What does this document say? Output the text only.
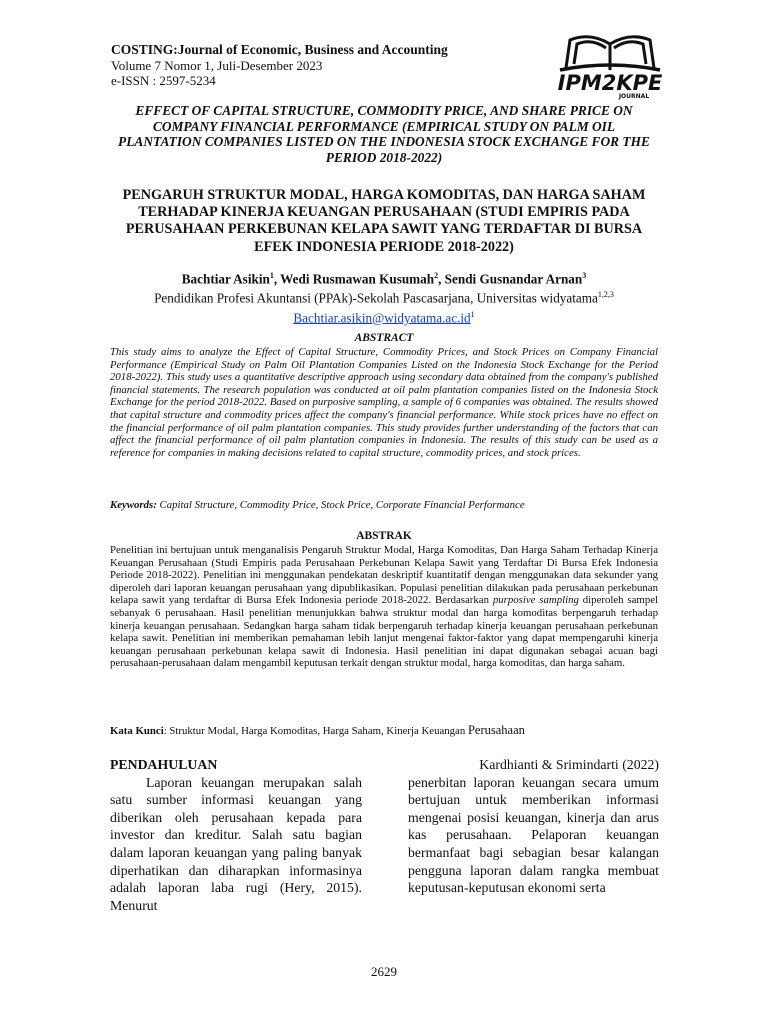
COSTING:Journal of Economic, Business and Accounting
Volume 7 Nomor 1, Juli-Desember 2023
e-ISSN : 2597-5234	IPM2KPE
JOURNAL
EFFECT OF CAPITAL STRUCTURE, COMMODITY PRICE, AND SHARE PRICE ON COMPANY FINANCIAL PERFORMANCE (EMPIRICAL STUDY ON PALM OIL PLANTATION COMPANIES LISTED ON THE INDONESIA STOCK EXCHANGE FOR THE PERIOD 2018-2022)
PENGARUH STRUKTUR MODAL, HARGA KOMODITAS, DAN HARGA SAHAM TERHADAP KINERJA KEUANGAN PERUSAHAAN (STUDI EMPIRIS PADA PERUSAHAAN PERKEBUNAN KELAPA SAWIT YANG TERDAFTAR DI BURSA EFEK INDONESIA PERIODE 2018-2022)
Bachtiar Asikin$^1$, Wedi Rusmawan Kusumah$^2$, Sendi Gusnandar Arnan$^3$
Pendidikan Profesi Akuntansi (PPAk)-Sekolah Pascasarjana, Universitas widyatama$^{1,2,3}$
$Bachtiar.asikin@widyatama.ac.id^1$
ABSTRACT
This study aims to analyze the Effect of Capital Structure, Commodity Prices, and Stock Prices on Company Financial Performance (Empirical Study on Palm Oil Plantation Companies Listed on the Indonesia Stock Exchange for the Period 2018-2022). This study uses a quantitative descriptive approach using secondary data obtained from the company's published financial statements. The research population was conducted at oil palm plantation companies listed on the Indonesia Stock Exchange for the period 2018-2022. Based on purposive sampling, a sample of 6 companies was obtained. The results showed that capital structure and commodity prices affect the company's financial performance. While stock prices have no effect on the financial performance of oil palm plantation companies. This study provides further understanding of the factors that can affect the financial performance of oil palm plantation companies in Indonesia. The results of this study can be used as a reference for companies in making decisions related to capital structure, commodity prices, and stock prices.
Keywords: Capital Structure, Commodity Price, Stock Price, Corporate Financial Performance
ABSTRAK
Penelitian ini bertujuan untuk menganalisis Pengaruh Struktur Modal, Harga Komoditas, Dan Harga Saham Terhadap Kinerja Keuangan Perusahaan (Studi Empiris pada Perusahaan Perkebunan Kelapa Sawit yang Terdaftar Di Bursa Efek Indonesia Periode 2018-2022). Penelitian ini menggunakan pendekatan deskriptif kuantitatif dengan menggunakan data sekunder yang diperoleh dari laporan keuangan perusahaan yang dipublikasikan. Populasi penelitian dilakukan pada perusahaan perkebunan kelapa sawit yang terdaftar di Bursa Efek Indonesia periode 2018-2022. Berdasarkan purposive sampling diperoleh sampel sebanyak 6 perusahaan. Hasil penelitian menunjukkan bahwa struktur modal dan harga komoditas berpengaruh terhadap kinerja keuangan perusahaan. Sedangkan harga saham tidak berpengaruh terhadap kinerja keuangan perusahaan perkebunan kelapa sawit. Penelitian ini memberikan pemahaman lebih lanjut mengenai faktor-faktor yang dapat mempengaruhi kinerja keuangan perusahaan perkebunan kelapa sawit di Indonesia. Hasil penelitian ini dapat digunakan sebagai acuan bagi perusahaan-perusahaan dalam mengambil keputusan terkait dengan struktur modal, harga komoditas, dan harga saham.
Kata Kunci: Struktur Modal, Harga Komoditas, Harga Saham, Kinerja Keuangan Perusahaan
PENDAHULUAN

Laporan keuangan merupakan salah satu sumber informasi keuangan yang diberikan oleh perusahaan kepada para investor dan kreditur. Salah satu bagian dalam laporan keuangan yang paling banyak diperhatikan dan diharapkan informasinya adalah laporan laba rugi (Hery, 2015). Menurut

Kardhianti & Srimindarti (2022)

penerbitan laporan keuangan secara umum bertujuan untuk memberikan informasi mengenai posisi keuangan, kinerja dan arus kas perusahaan. Pelaporan keuangan bermanfaat bagi sebagian besar kalangan pengguna laporan dalam rangka membuat keputusan-keputusan ekonomi serta

2629
